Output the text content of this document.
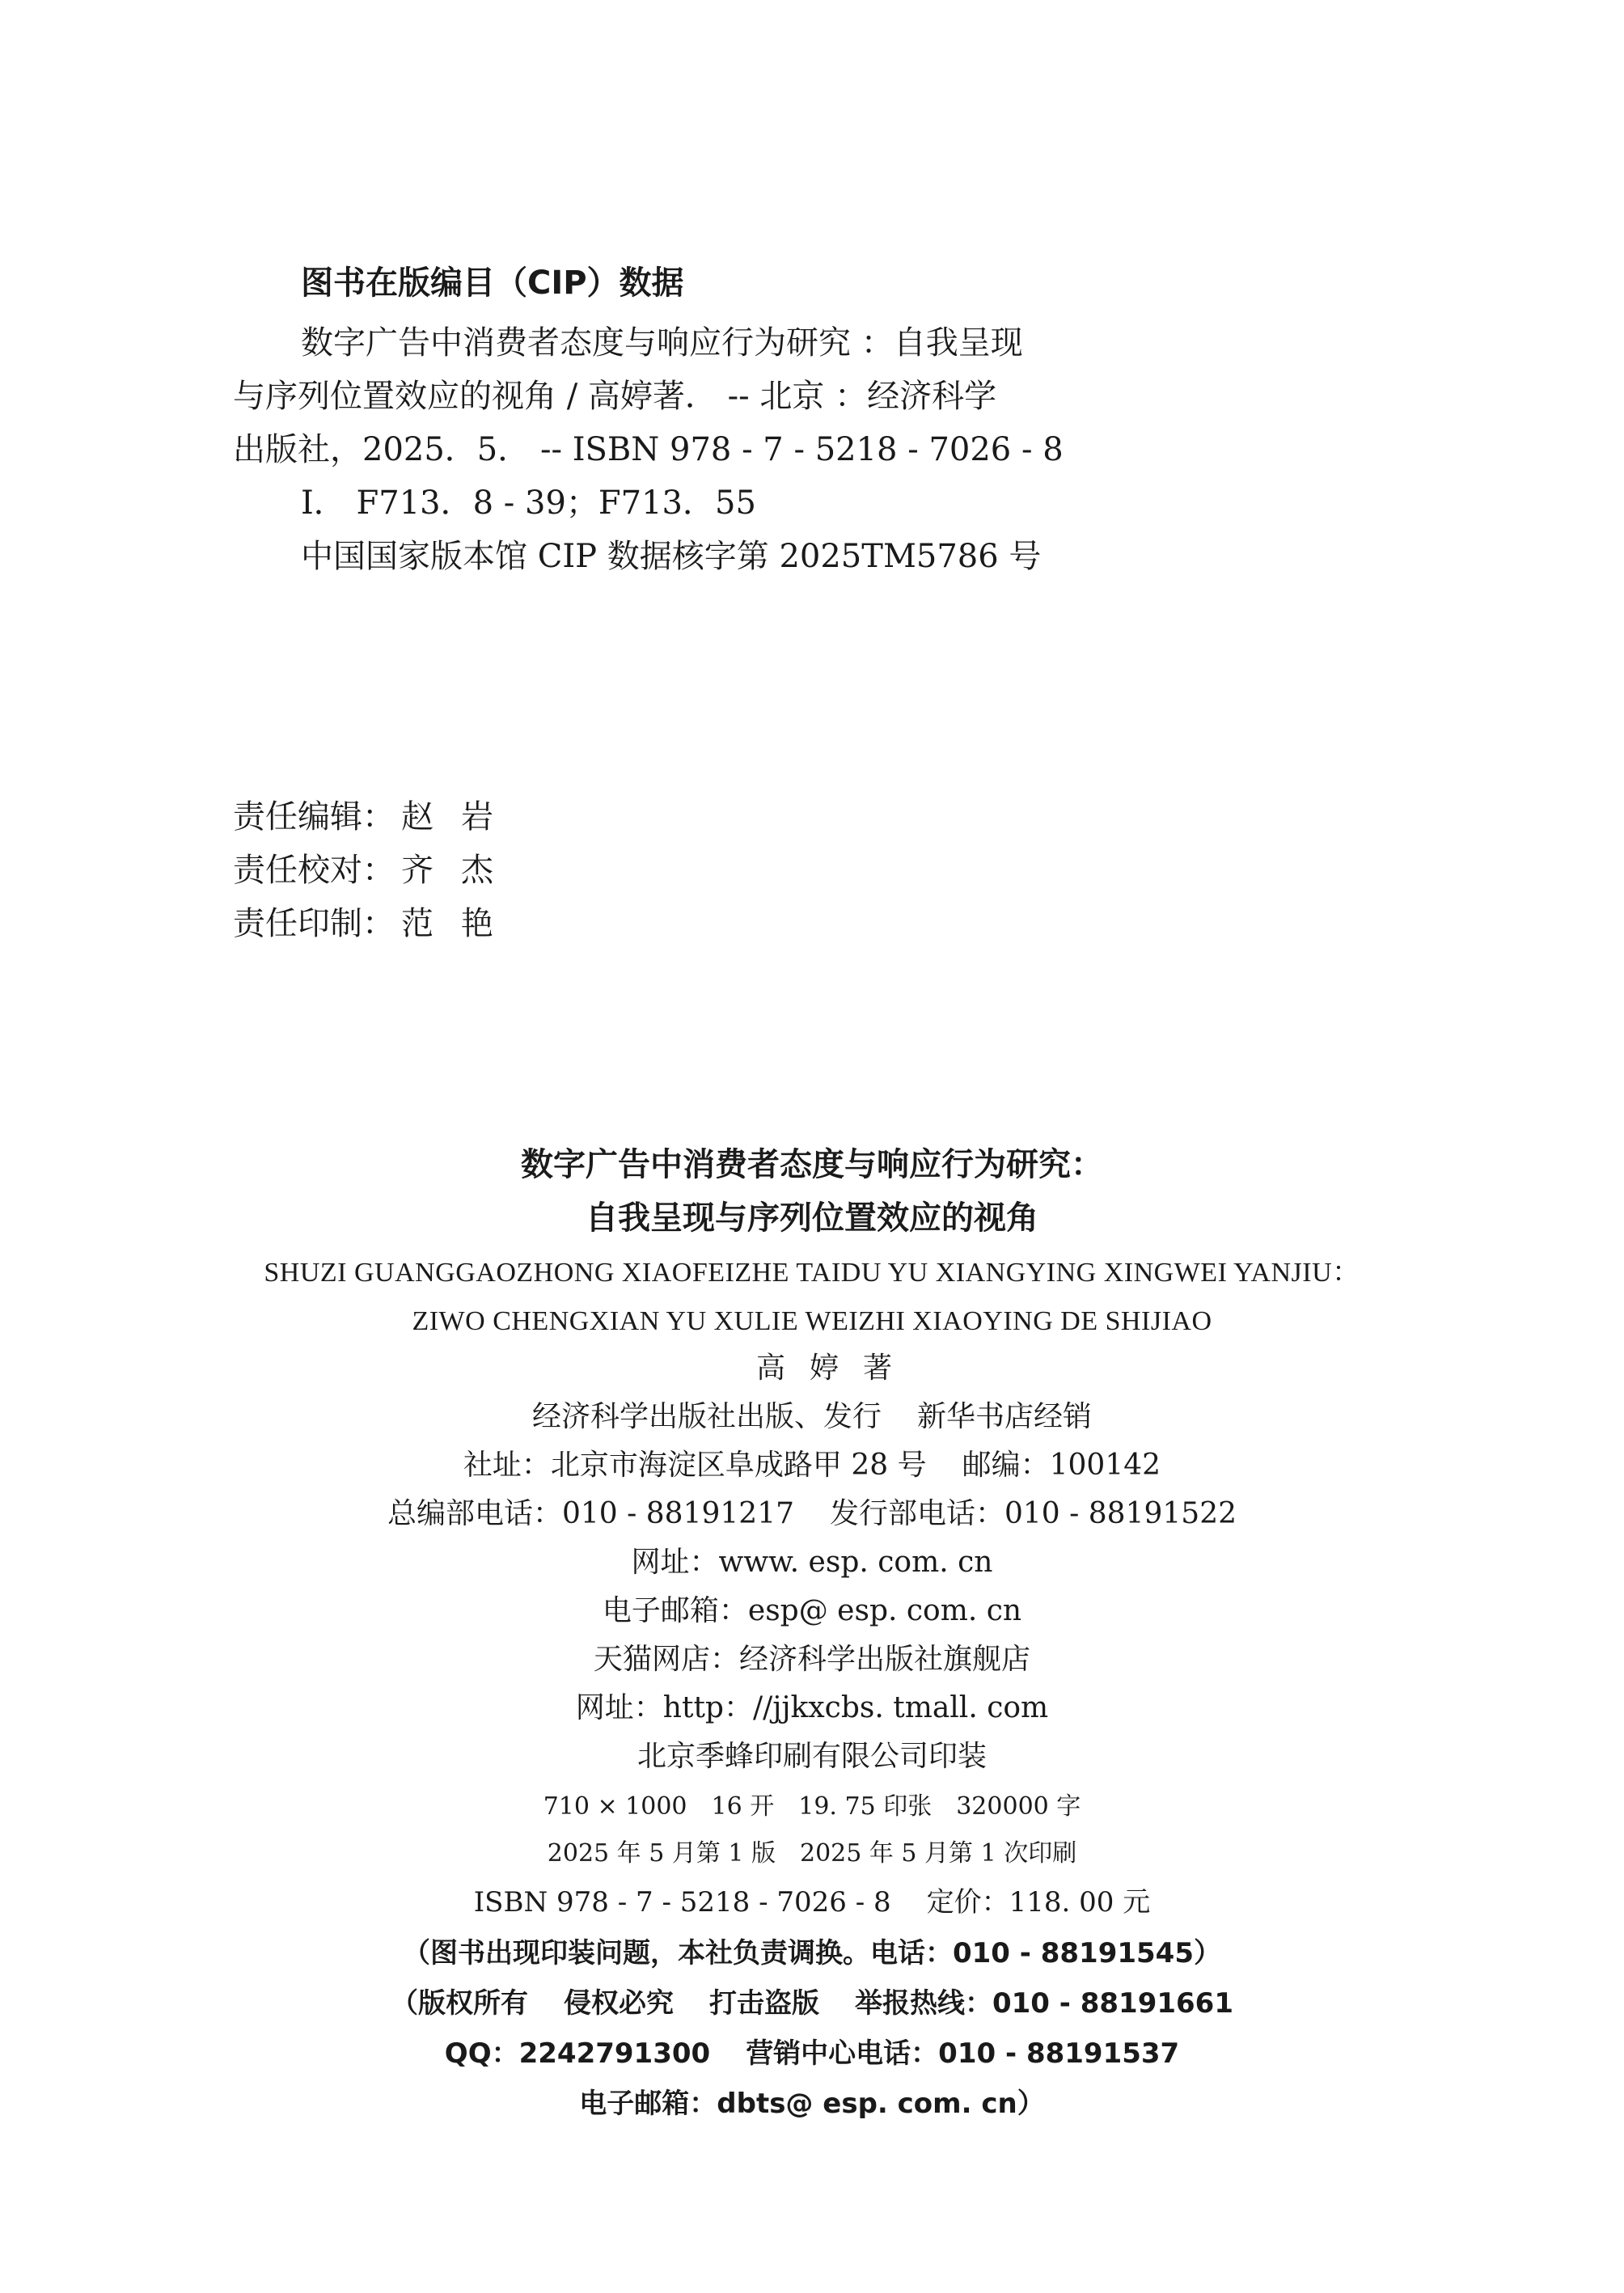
图书在版编目（CIP）数据
数字广告中消费者态度与响应行为研究 ：自我呈现
与序列位置效应的视角 / 高婷著． -- 北京 ：经济科学
出版社，2025．5． -- ISBN 978 - 7 - 5218 - 7026 - 8
Ⅰ． F713．8 - 39；F713．55
中国国家版本馆 CIP 数据核字第 2025TM5786 号
责任编辑： 赵岩
责任校对： 齐杰
责任印制： 范艳
数字广告中消费者态度与响应行为研究：
自我呈现与序列位置效应的视角
SHUZI GUANGGAOZHONG XIAOFEIZHE TAIDU YU XIANGYING XINGWEI YANJIU：
ZIWO CHENGXIAN YU XULIE WEIZHI XIAOYING DE SHIJIAO
高婷著
经济科学出版社出版、发行 新华书店经销
社址：北京市海淀区阜成路甲 28 号 邮编：100142
总编部电话：010 - 88191217 发行部电话：010 - 88191522
网址：www. esp. com. cn
电子邮箱：esp@ esp. com. cn
天猫网店：经济科学出版社旗舰店
网址：http：//jjkxcbs. tmall. com
北京季蜂印刷有限公司印装
710 × 1000 16 开 19. 75 印张 320000 字
2025 年 5 月第 1 版 2025 年 5 月第 1 次印刷
ISBN 978 - 7 - 5218 - 7026 - 8 定价：118. 00 元
（图书出现印装问题，本社负责调换。电话：010 - 88191545）
（版权所有 侵权必究 打击盗版 举报热线：010 - 88191661
QQ：2242791300 营销中心电话：010 - 88191537
电子邮箱：dbts@ esp. com. cn）
